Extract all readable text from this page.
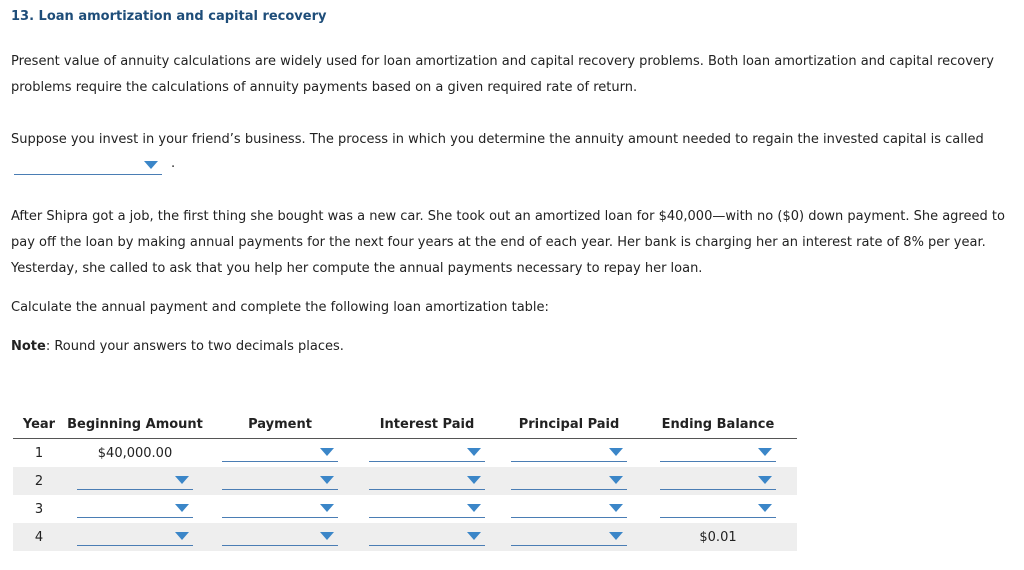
13. Loan amortization and capital recovery

Present value of annuity calculations are widely used for loan amortization and capital recovery problems. Both loan amortization and capital recovery problems require the calculations of annuity payments based on a given required rate of return.

Suppose you invest in your friend’s business. The process in which you determine the annuity amount needed to regain the invested capital is called

.

After Shipra got a job, the first thing she bought was a new car. She took out an amortized loan for $40,000—with no ($0) down payment. She agreed to pay off the loan by making annual payments for the next four years at the end of each year. Her bank is charging her an interest rate of 8% per year. Yesterday, she called to ask that you help her compute the annual payments necessary to repay her loan.

Calculate the annual payment and complete the following loan amortization table:

Note: Round your answers to two decimals places.

Year	Beginning Amount	Payment	Interest Paid	Principal Paid	Ending Balance
1	$40,000.00	

2	

3	

4					$0.01
